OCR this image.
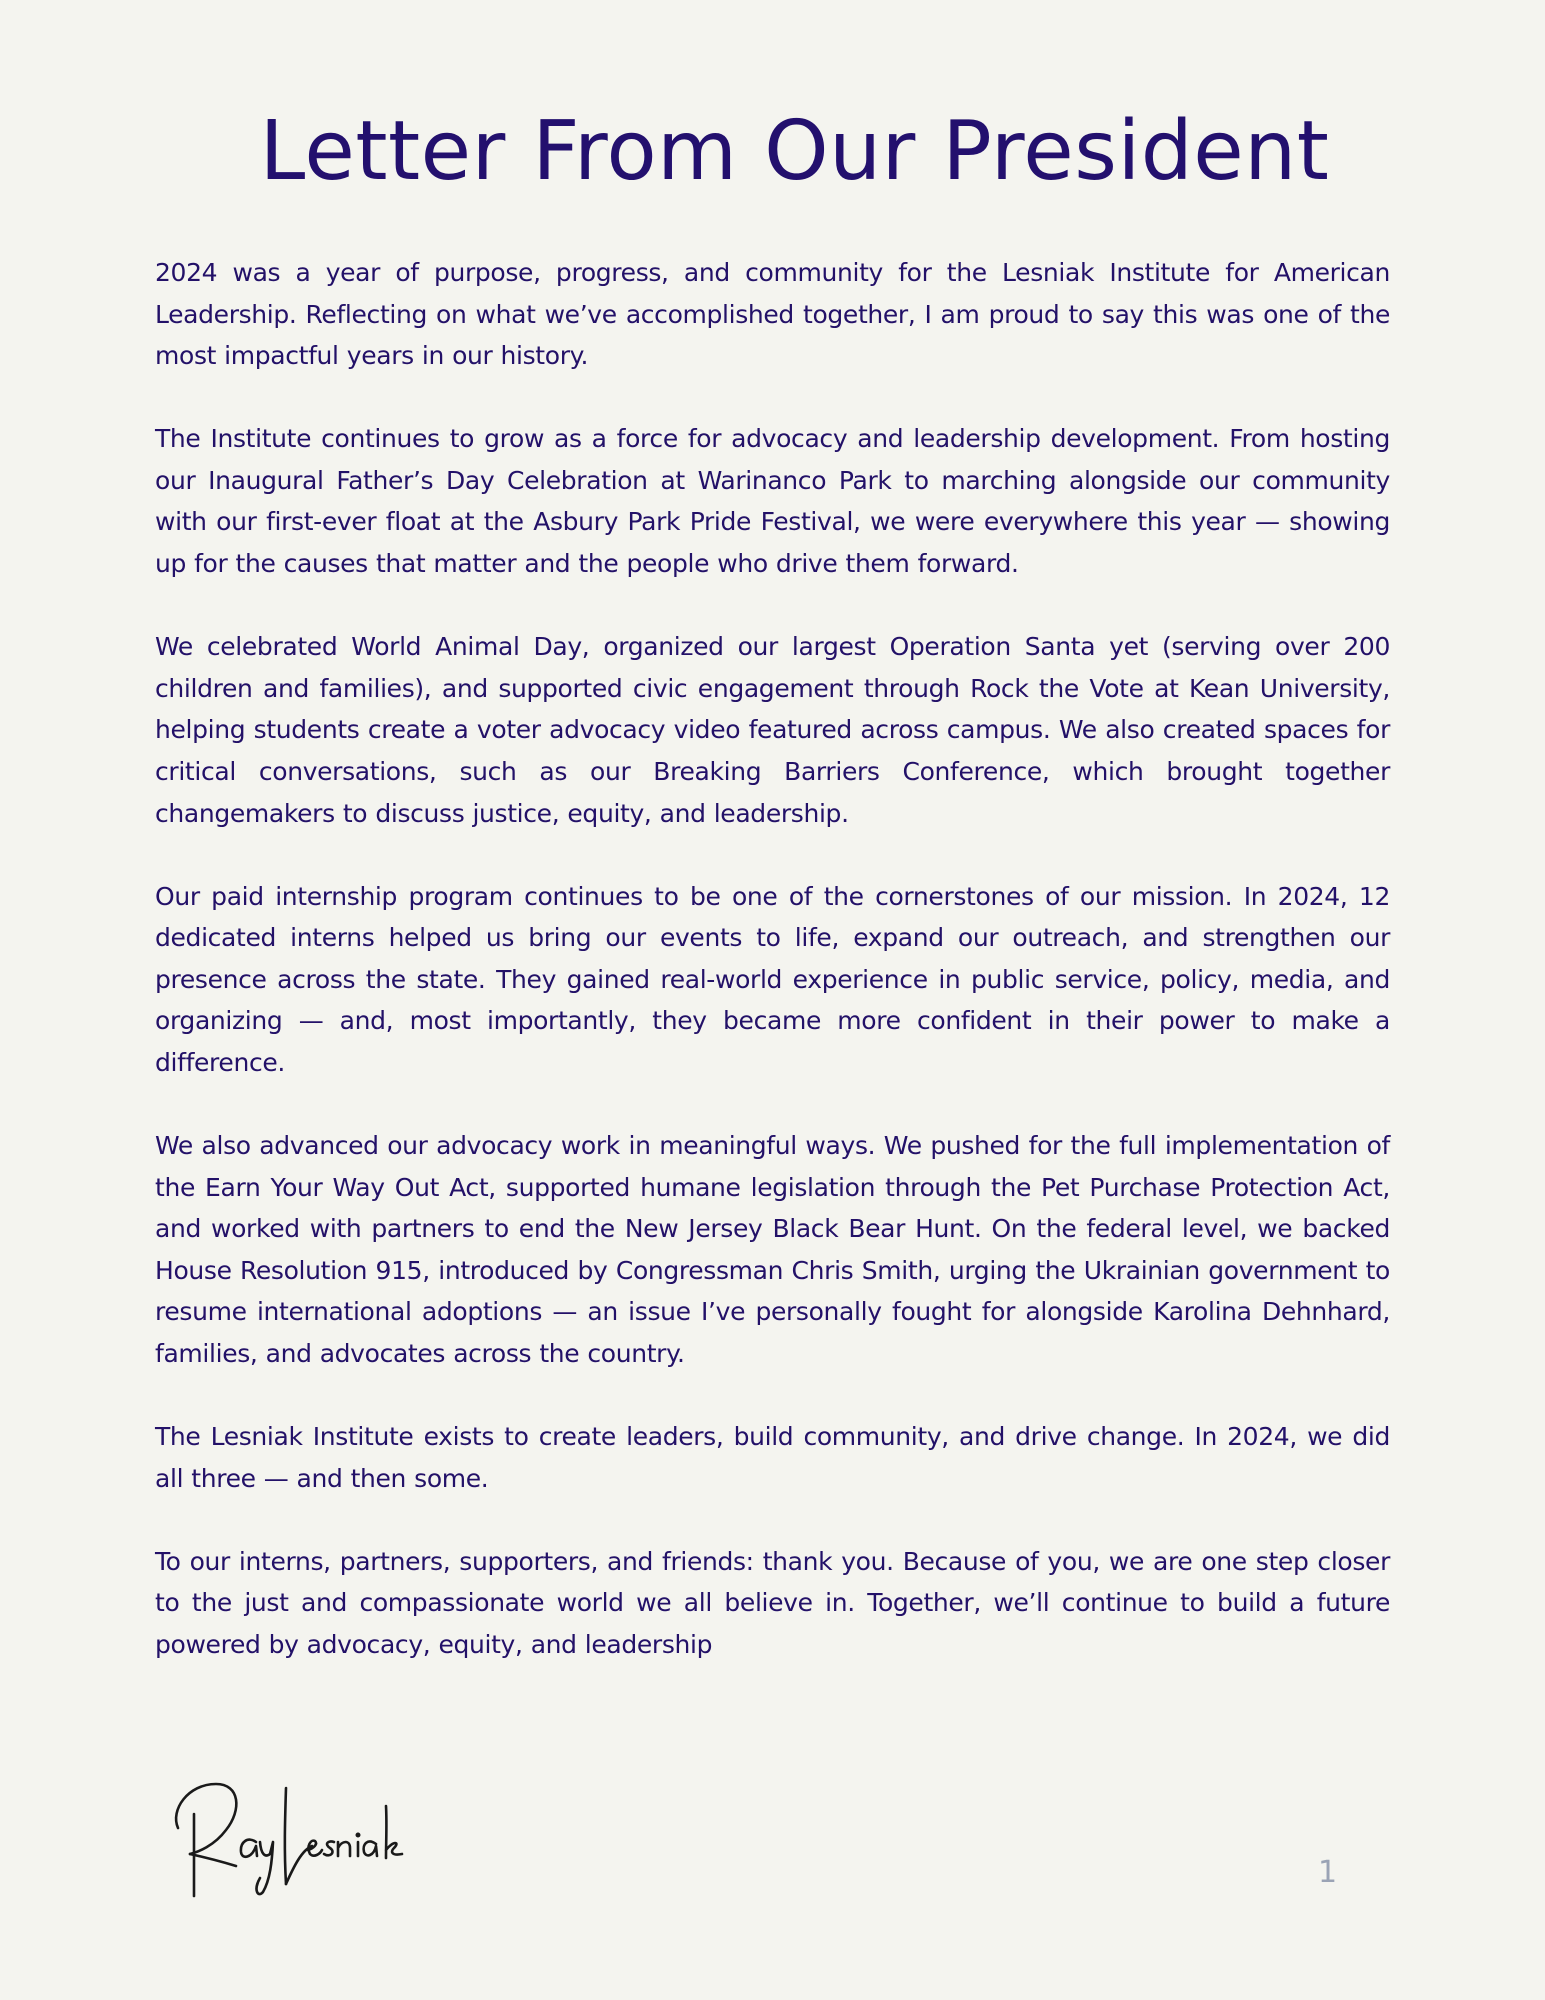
Letter From Our President

2024 was a year of purpose, progress, and community for the Lesniak Institute for American Leadership. Reflecting on what we’ve accomplished together, I am proud to say this was one of the most impactful years in our history.

The Institute continues to grow as a force for advocacy and leadership development. From hosting our Inaugural Father’s Day Celebration at Warinanco Park to marching alongside our community with our first-ever float at the Asbury Park Pride Festival, we were everywhere this year — showing up for the causes that matter and the people who drive them forward.

We celebrated World Animal Day, organized our largest Operation Santa yet (serving over 200 children and families), and supported civic engagement through Rock the Vote at Kean University, helping students create a voter advocacy video featured across campus. We also created spaces for critical conversations, such as our Breaking Barriers Conference, which brought together changemakers to discuss justice, equity, and leadership.

Our paid internship program continues to be one of the cornerstones of our mission. In 2024, 12 dedicated interns helped us bring our events to life, expand our outreach, and strengthen our presence across the state. They gained real-world experience in public service, policy, media, and organizing — and, most importantly, they became more confident in their power to make a difference.

We also advanced our advocacy work in meaningful ways. We pushed for the full implementation of the Earn Your Way Out Act, supported humane legislation through the Pet Purchase Protection Act, and worked with partners to end the New Jersey Black Bear Hunt. On the federal level, we backed House Resolution 915, introduced by Congressman Chris Smith, urging the Ukrainian government to resume international adoptions — an issue I’ve personally fought for alongside Karolina Dehnhard, families, and advocates across the country.

The Lesniak Institute exists to create leaders, build community, and drive change. In 2024, we did all three — and then some.

To our interns, partners, supporters, and friends: thank you. Because of you, we are one step closer to the just and compassionate world we all believe in. Together, we’ll continue to build a future powered by advocacy, equity, and leadership

1
